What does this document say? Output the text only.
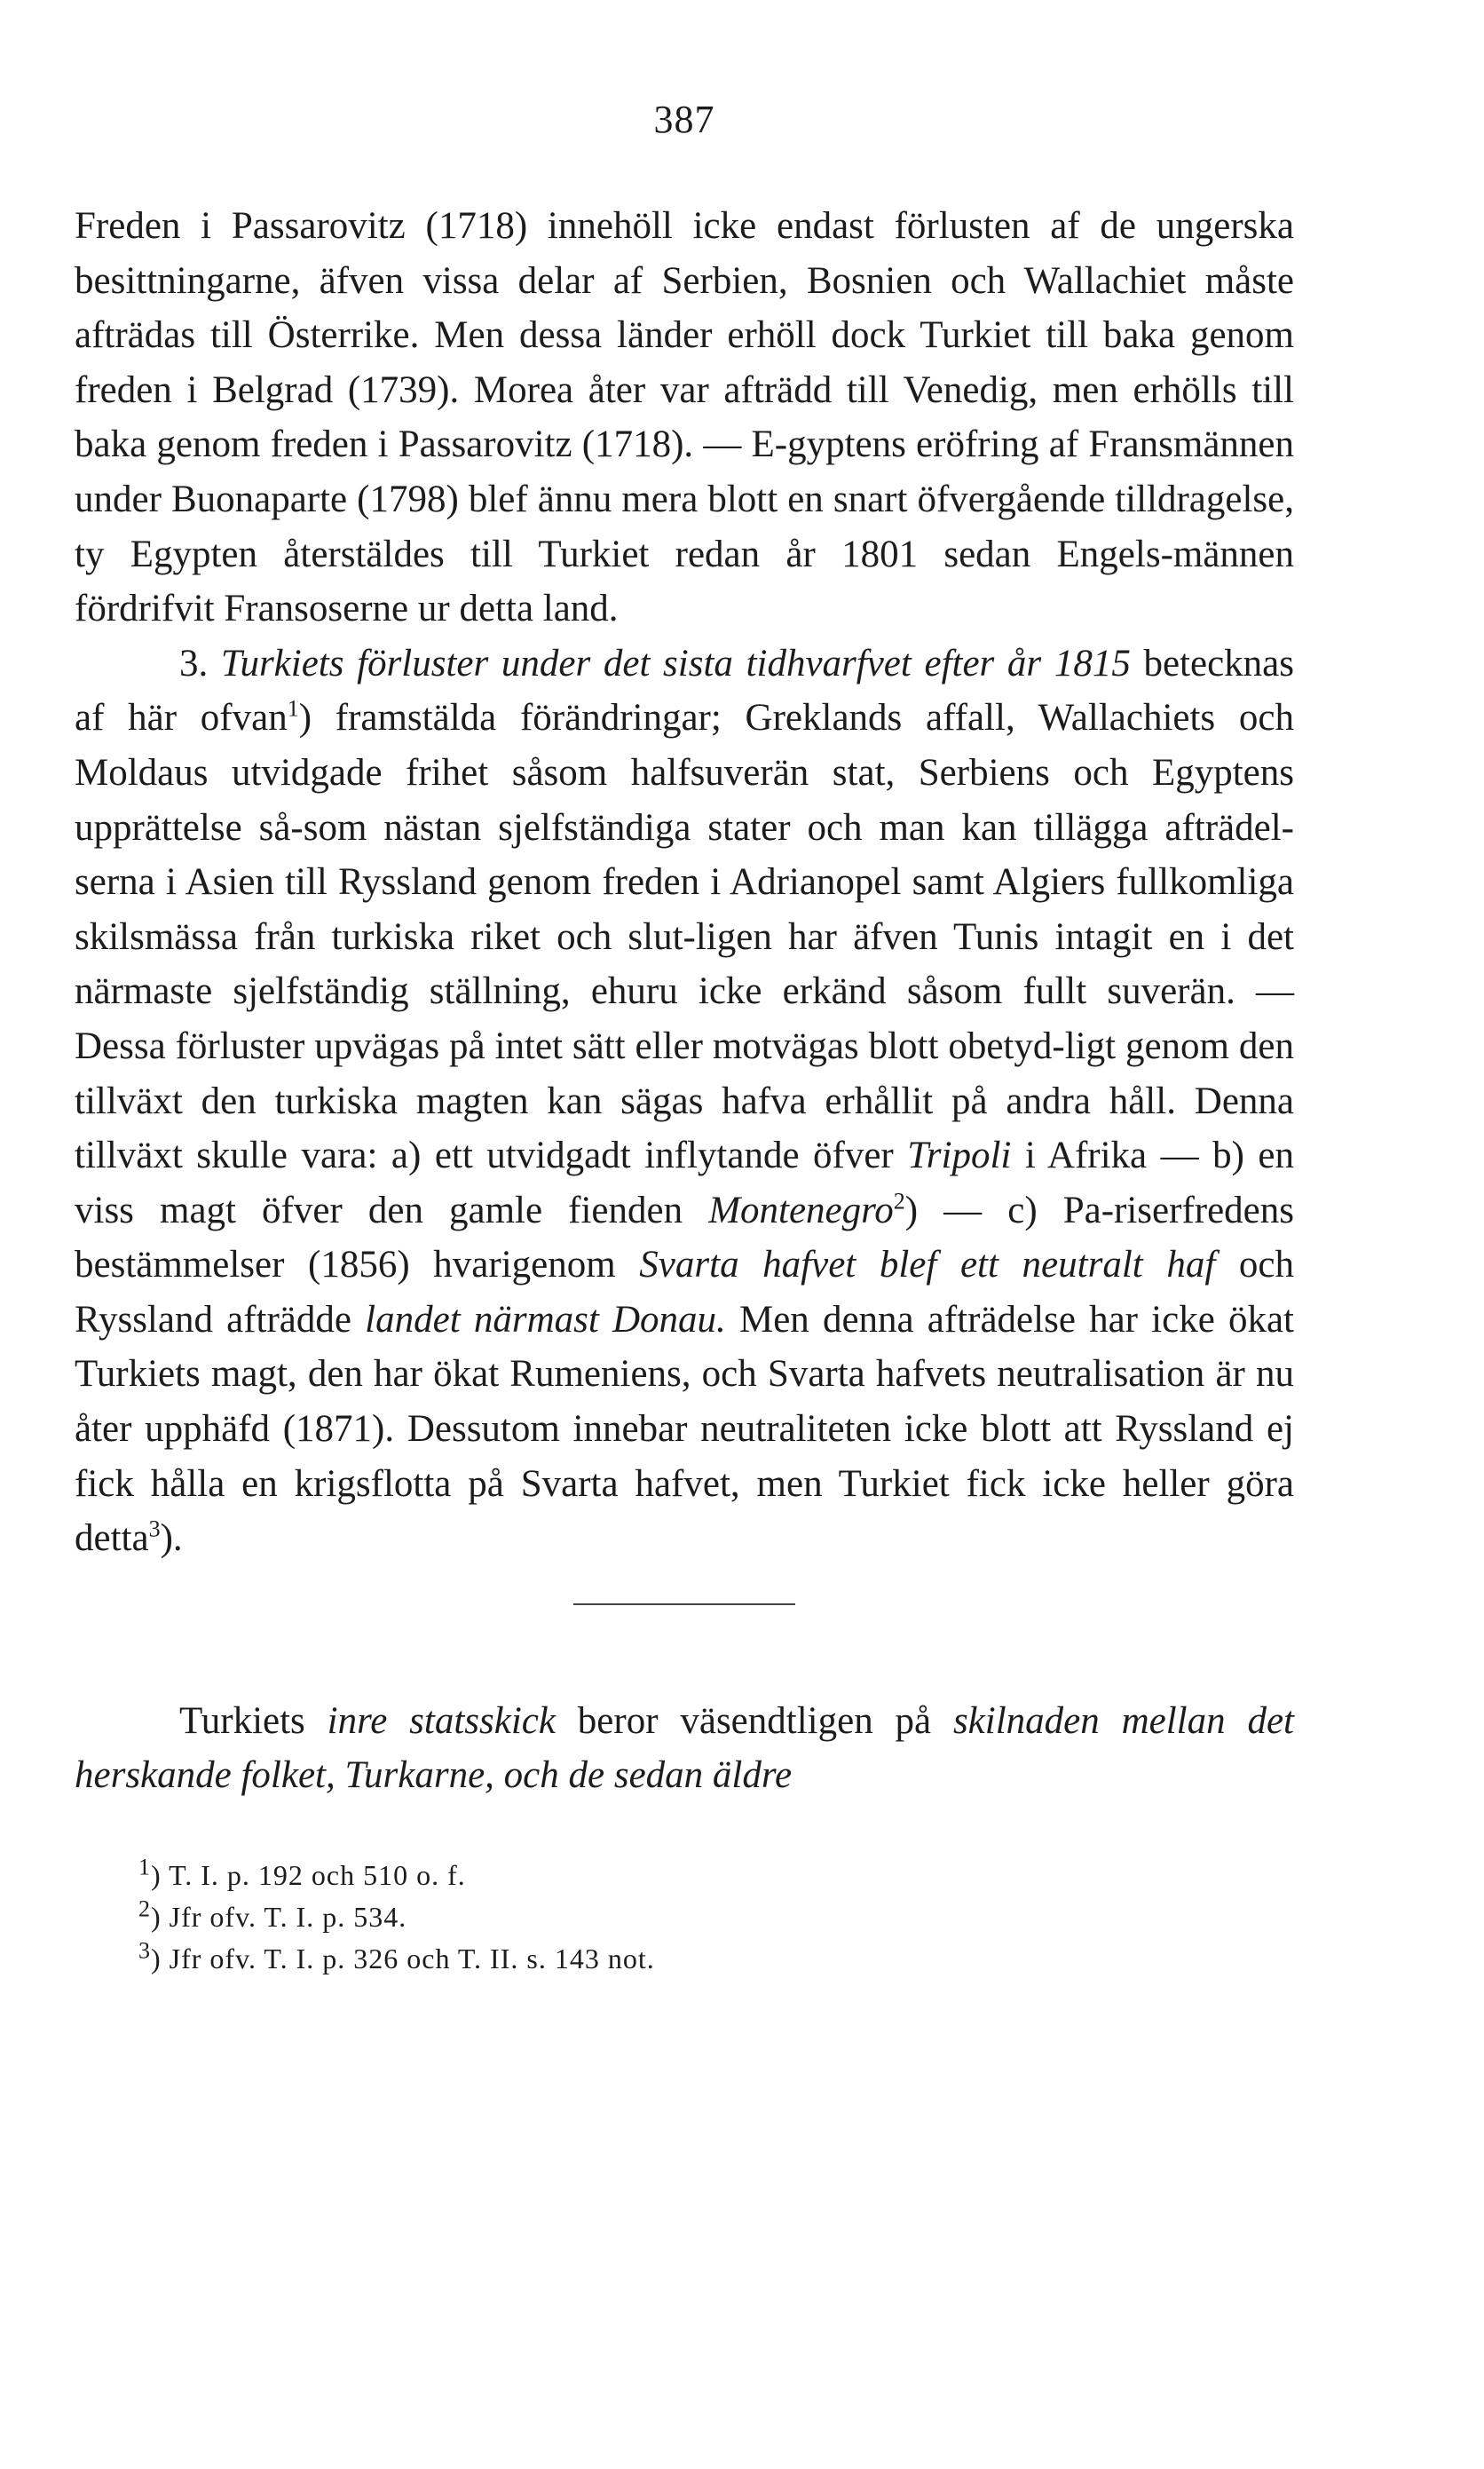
387

Freden i Passarovitz (1718) innehöll icke endast förlusten af de ungerska besittningarne, äfven vissa delar af Serbien, Bosnien och Wallachiet måste afträdas till Österrike. Men dessa länder erhöll dock Turkiet till baka genom freden i Belgrad (1739). Morea åter var afträdd till Venedig, men erhölls till baka genom freden i Passarovitz (1718). — E-gyptens eröfring af Fransmännen under Buonaparte (1798) blef ännu mera blott en snart öfvergående tilldragelse, ty Egypten återstäldes till Turkiet redan år 1801 sedan Engels-männen fördrifvit Fransoserne ur detta land.

3. Turkiets förluster under det sista tidhvarfvet efter år 1815 betecknas af här ofvan$^1$) framstälda förändringar; Greklands affall, Wallachiets och Moldaus utvidgade frihet såsom halfsuverän stat, Serbiens och Egyptens upprättelse så-som nästan sjelfständiga stater och man kan tillägga afträdel-serna i Asien till Ryssland genom freden i Adrianopel samt Algiers fullkomliga skilsmässa från turkiska riket och slut-ligen har äfven Tunis intagit en i det närmaste sjelfständig ställning, ehuru icke erkänd såsom fullt suverän. — Dessa förluster upvägas på intet sätt eller motvägas blott obetyd-ligt genom den tillväxt den turkiska magten kan sägas hafva erhållit på andra håll. Denna tillväxt skulle vara: a) ett utvidgadt inflytande öfver Tripoli i Afrika — b) en viss magt öfver den gamle fienden Montenegro$^2$) — c) Pa-riserfredens bestämmelser (1856) hvarigenom Svarta hafvet blef ett neutralt haf och Ryssland afträdde landet närmast Donau. Men denna afträdelse har icke ökat Turkiets magt, den har ökat Rumeniens, och Svarta hafvets neutralisation är nu åter upphäfd (1871). Dessutom innebar neutraliteten icke blott att Ryssland ej fick hålla en krigsflotta på Svarta hafvet, men Turkiet fick icke heller göra detta$^3$).

Turkiets inre statsskick beror väsendtligen på skilnaden mellan det herskande folket, Turkarne, och de sedan äldre

$^1$) T. I. p. 192 och 510 o. f.

$^2$) Jfr ofv. T. I. p. 534.

$^3$) Jfr ofv. T. I. p. 326 och T. II. s. 143 not.
